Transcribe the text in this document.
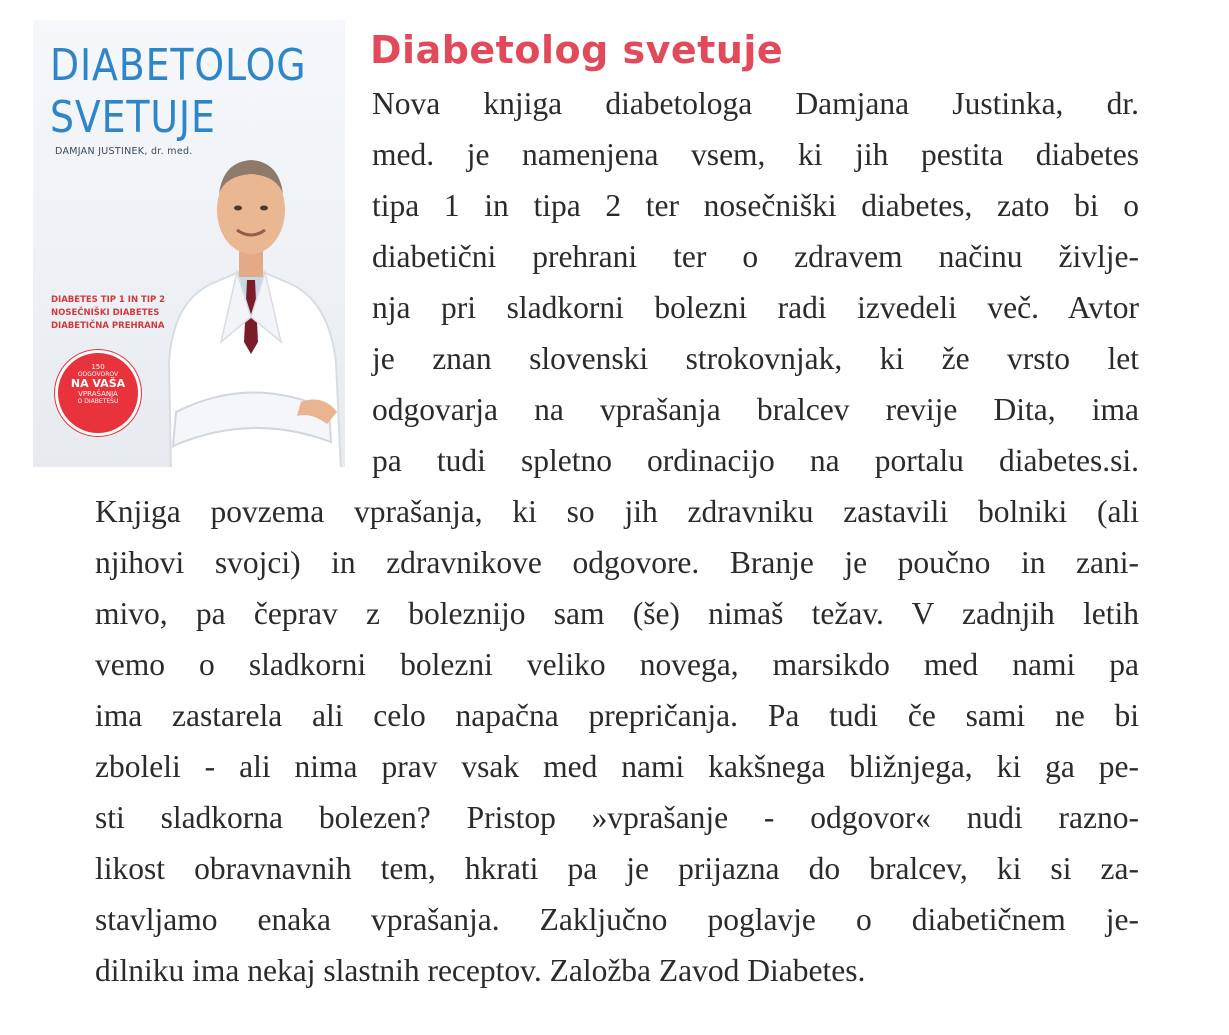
DIABETOLOG
SVETUJE
DAMJAN JUSTINEK, dr. med.
DIABETES TIP 1 IN TIP 2
NOSEČNIŠKI DIABETES
DIABETIČNA PREHRANA
150
ODGOVOROV
NA VAŠA
VPRAŠANJA
O DIABETESU
Diabetolog svetuje
Nova knjiga diabetologa Damjana Justinka, dr.
med. je namenjena vsem, ki jih pestita diabetes
tipa 1 in tipa 2 ter nosečniški diabetes, zato bi o
diabetični prehrani ter o zdravem načinu življe-
nja pri sladkorni bolezni radi izvedeli več. Avtor
je znan slovenski strokovnjak, ki že vrsto let
odgovarja na vprašanja bralcev revije Dita, ima
pa tudi spletno ordinacijo na portalu diabetes.si.
Knjiga povzema vprašanja, ki so jih zdravniku zastavili bolniki (ali
njihovi svojci) in zdravnikove odgovore. Branje je poučno in zani-
mivo, pa čeprav z boleznijo sam (še) nimaš težav. V zadnjih letih
vemo o sladkorni bolezni veliko novega, marsikdo med nami pa
ima zastarela ali celo napačna prepričanja. Pa tudi če sami ne bi
zboleli - ali nima prav vsak med nami kakšnega bližnjega, ki ga pe-
sti sladkorna bolezen? Pristop »vprašanje - odgovor« nudi razno-
likost obravnavnih tem, hkrati pa je prijazna do bralcev, ki si za-
stavljamo enaka vprašanja. Zaključno poglavje o diabetičnem je-
dilniku ima nekaj slastnih receptov. Založba Zavod Diabetes.
